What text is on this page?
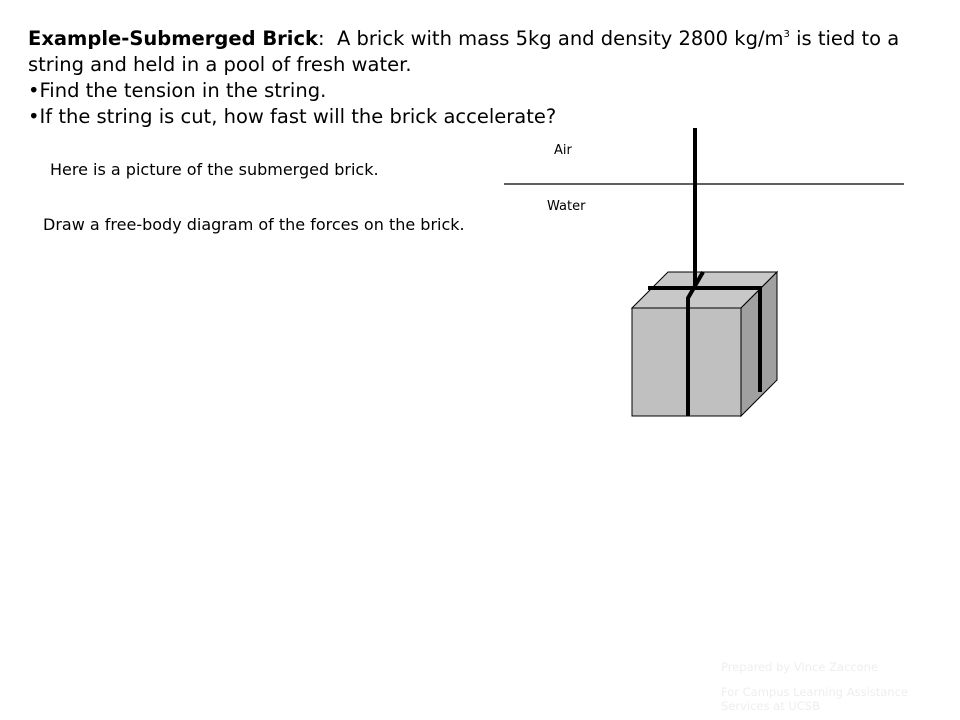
Example-Submerged Brick: A brick with mass 5kg and density 2800 $kg/m^3$ is tied to a string and held in a pool of fresh water.

•Find the tension in the string.
•If the string is cut, how fast will the brick accelerate?
Here is a picture of the submerged brick.
Draw a free-body diagram of the forces on the brick.
Air
Water
Prepared by Vince Zaccone
For Campus Learning Assistance Services at UCSB
